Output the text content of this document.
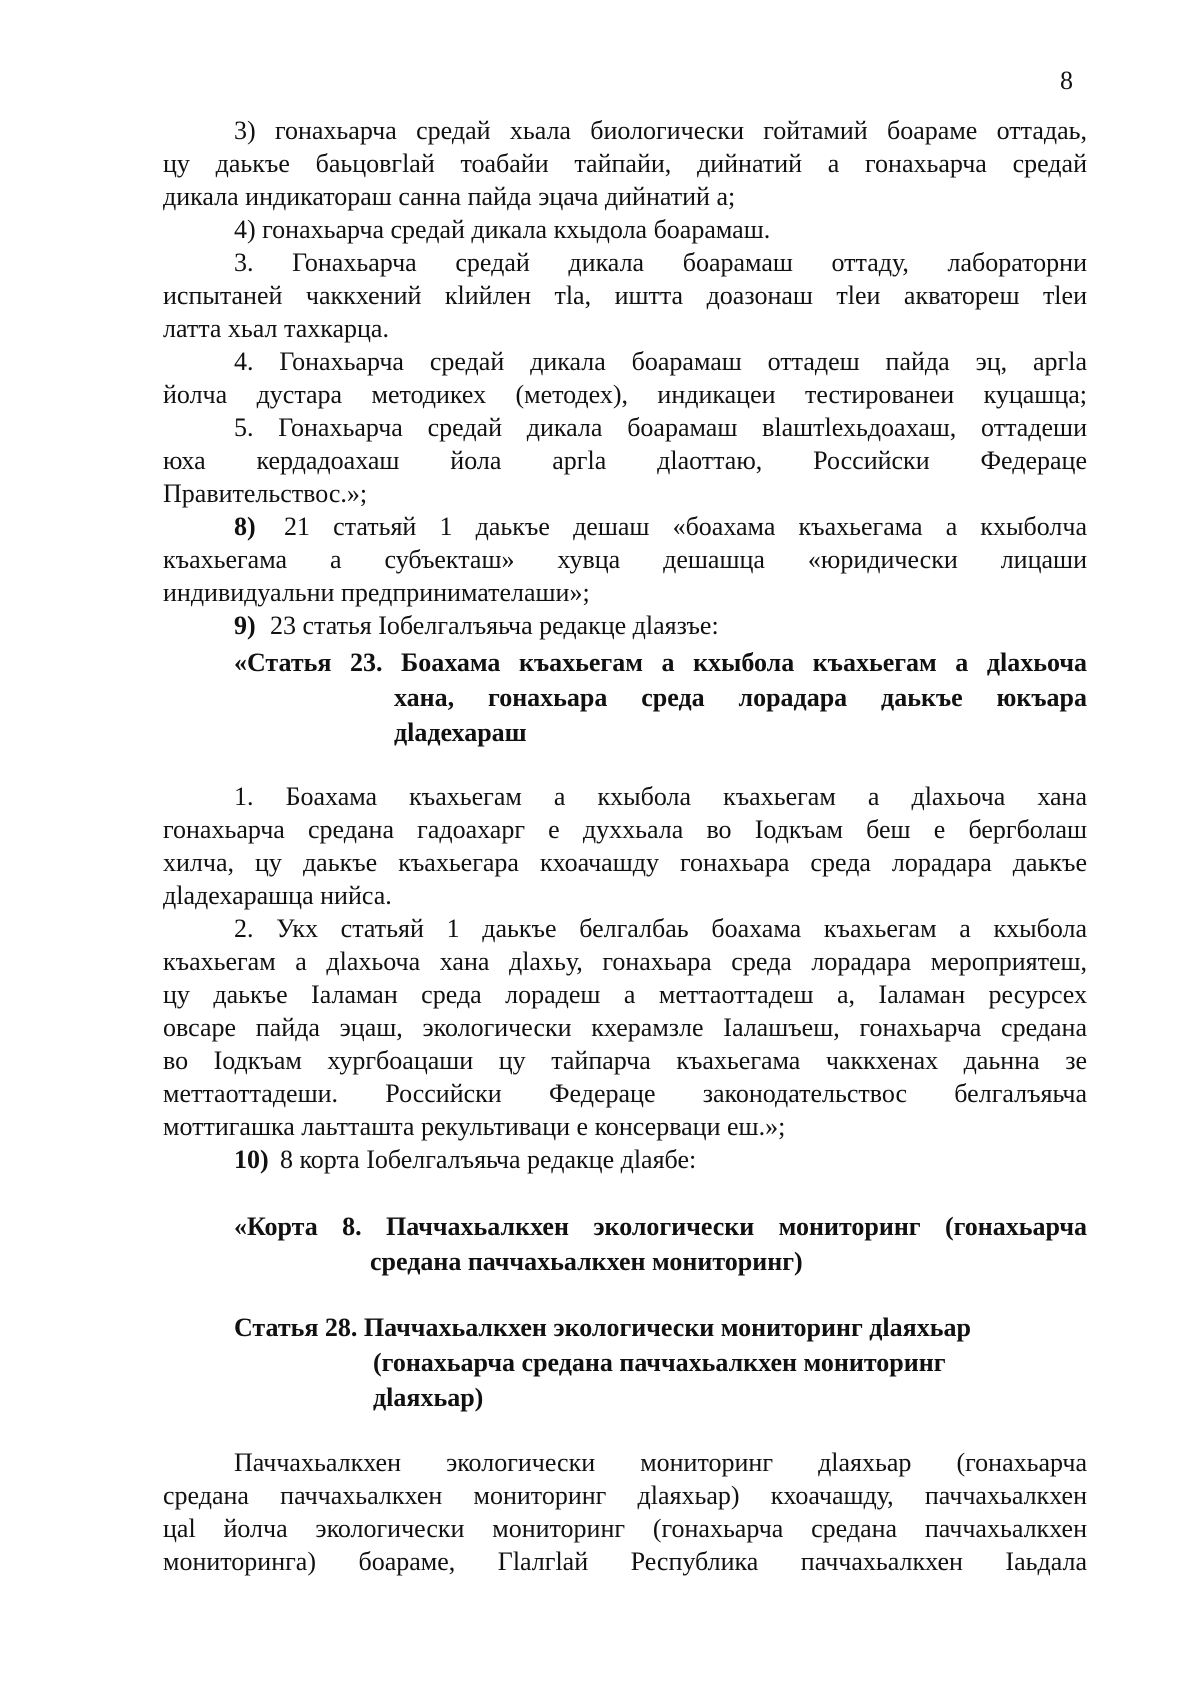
8
3) гонахьарча средай хьала биологически гойтамий бoараме оттадаь,
цу даькъе баьцовгlай тоабайи тайпайи, дийнатий а гонахьарча средай
дикала индикатораш санна пайда эцача дийнатий а;
4) гонахьарча средай дикала кхыдола боарамаш.
3. Гонахьарча средай дикала боарамаш оттаду, лабораторни
испытаней чаккхений кlийлен тlа, иштта доазонаш тlеи акваторeш тlеи
латта хьал тахкарца.
4. Гонахьарча средай дикала боарамаш оттадеш пайда эц, аргla
йолча дустара методикех (методех), индикацеи тестированеи куцашца;
5. Гонахьарча средай дикала боарамаш вlаштlехьдоахаш, оттадеши
юха кердадоахаш йола аргla дlаоттаю, Российски Федераце
Правительствос.»;
8)	21 статьяй 1 даькъе дешаш «боахама къахьегама а кхыболча
къахьегама а субъекташ» хувца дешашца «юридически лицаши
индивидуальни предпринимателаши»;
9) 23 статья Iобелгалъяьча редакце дlаязъе:
«Статья 23. Боахама къахьегам а кхыбола къахьегам а дlахьоча
хана, гонахьара среда лорадара даькъе юкъара
дlадехараш
1. Боахама къахьегам а кхыбола къахьегам а дlахьоча хана
гонахьарча средана гадоахарг е духхьала во Iодкъам беш е бергболаш
хилча, цу даькъе къахьегара кхоачашду гонахьара среда лорадара даькъе
дlадехарашца нийса.
2. Укх статьяй 1 даькъе белгалбаь боахама къахьегам а кхыбола
къахьегам а дlахьоча хана дlахьу, гонахьара среда лорадара мероприятеш,
цу даькъе Iаламан среда лорадеш а меттаоттадеш а, Iаламан ресурсех
овсаре пайда эцаш, экологически кхерамзле Iалашъеш, гонахьарча средана
во Iодкъам хургбоацаши цу тайпарча къахьегама чаккхенах даьнна зе
меттаоттадеши. Российски Федераце законодательствос белгалъяьча
моттигашка лаьтташта рекультиваци е консерваци еш.»;
10) 8 корта Iобелгалъяьча редакце дlаябе:
«Корта 8. Паччахьалкхен экологически мониторинг (гонахьарча
средана паччахьалкхен мониторинг)
Статья 28. Паччахьалкхен экологически мониторинг дlаяхьар
(гонахьарча средана паччахьалкхен мониторинг
дlаяхьар)
Паччахьалкхен экологически мониторинг дlаяхьар (гонахьарча
средана паччахьалкхен мониторинг дlаяхьар) кхоачашду, паччахьалкхен
цаl йолча экологически мониторинг (гонахьарча средана паччахьалкхен
мониторинга) боараме, Гlалгlай Республика паччахьалкхен Iаьдала
